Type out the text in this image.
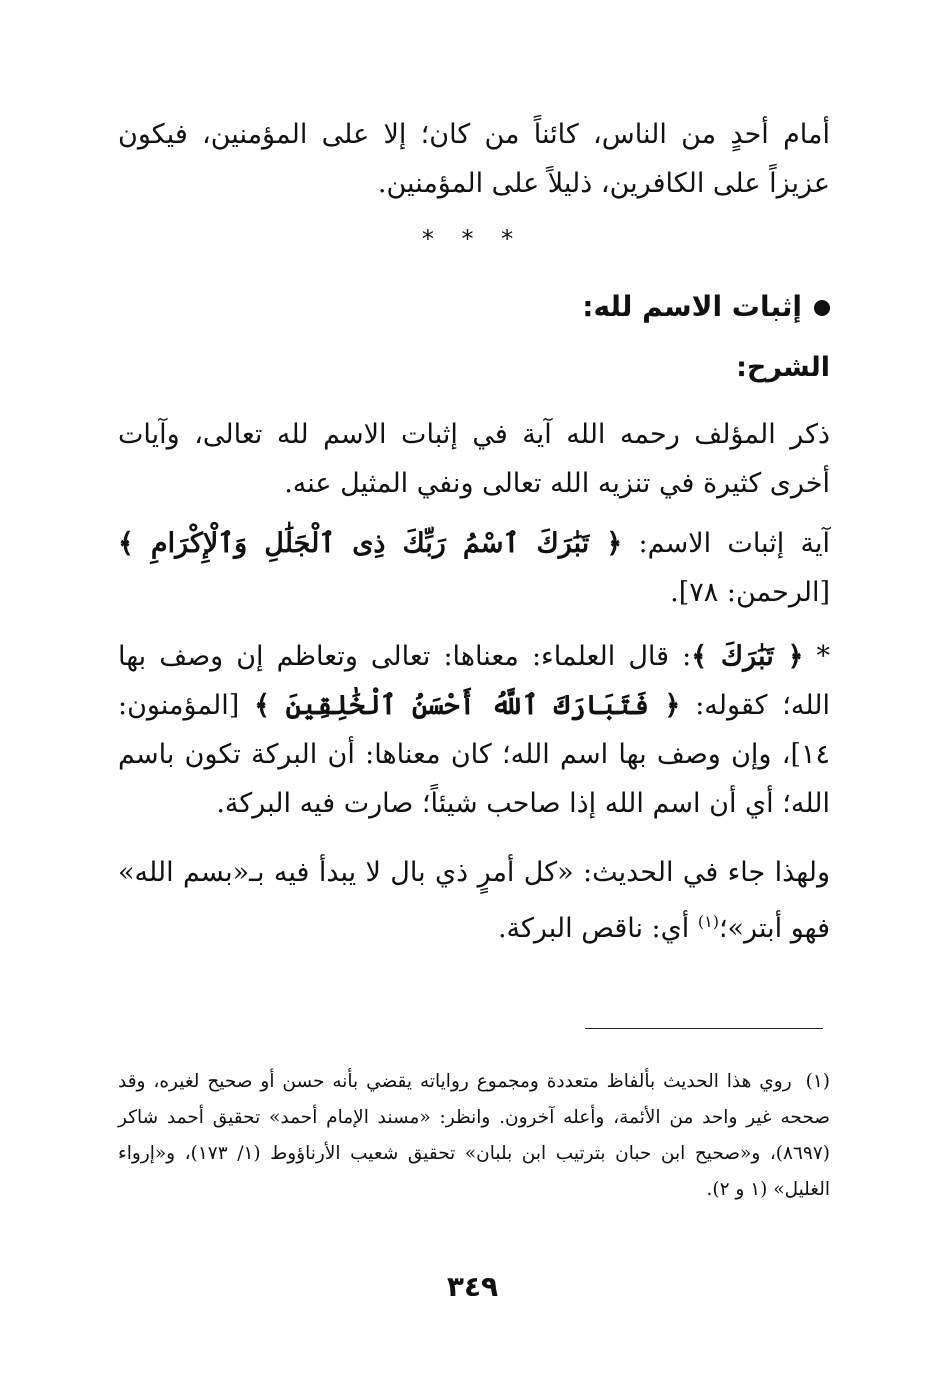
أمام أحدٍ من الناس، كائناً من كان؛ إلا على المؤمنين، فيكون عزيزاً على الكافرين، ذليلاً على المؤمنين.

* * *

إثبات الاسم لله:

الشرح:

ذكر المؤلف رحمه الله آية في إثبات الاسم لله تعالى، وآيات أخرى كثيرة في تنزيه الله تعالى ونفي المثيل عنه.

آية إثبات الاسم: ﴿ تَبَٰرَكَ ٱسْمُ رَبِّكَ ذِى ٱلْجَلَٰلِ وَٱلْإِكْرَامِ ﴾ [الرحمن: ٧٨].

* ﴿ تَبَٰرَكَ ﴾: قال العلماء: معناها: تعالى وتعاظم إن وصف بها الله؛ كقوله: ﴿ فَتَبَارَكَ ٱللَّهُ أَحْسَنُ ٱلْخَٰلِقِينَ ﴾ [المؤمنون: ١٤]، وإن وصف بها اسم الله؛ كان معناها: أن البركة تكون باسم الله؛ أي أن اسم الله إذا صاحب شيئاً؛ صارت فيه البركة.

ولهذا جاء في الحديث: «كل أمرٍ ذي بال لا يبدأ فيه بـ«بسم الله» فهو أبتر»؛$^{(١)}$ أي: ناقص البركة.

(١)روي هذا الحديث بألفاظ متعددة ومجموع رواياته يقضي بأنه حسن أو صحيح لغيره، وقد صححه غير واحد من الأئمة، وأعله آخرون. وانظر: «مسند الإمام أحمد» تحقيق أحمد شاكر (٨٦٩٧)، و«صحيح ابن حبان بترتيب ابن بلبان» تحقيق شعيب الأرناؤوط (١/ ١٧٣)، و«إرواء الغليل» (١ و ٢).

٣٤٩
